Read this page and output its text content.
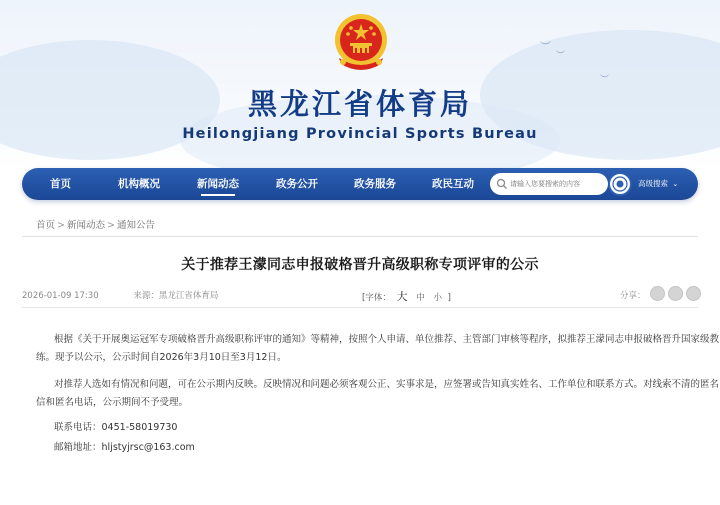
黑龙江省体育局
Heilongjiang Provincial Sports Bureau
︶
︶
︶
首页	机构概况	新闻动态	政务公开	政务服务	政民互动
请输入您要搜索的内容	高级搜索 ⌄
首页 > 新闻动态 > 通知公告
关于推荐王濛同志申报破格晋升高级职称专项评审的公示
2026-01-09 17:30	来源：黑龙江省体育局	[字体： 大 中 小 ]	分享：
根据《关于开展奥运冠军专项破格晋升高级职称评审的通知》等精神，按照个人申请、单位推荐、主管部门审核等程序，拟推荐王濛同志申报破格晋升国家级教
练。现予以公示，公示时间自2026年3月10日至3月12日。
对推荐人选如有情况和问题，可在公示期内反映。反映情况和问题必须客观公正、实事求是，应签署或告知真实姓名、工作单位和联系方式。对线索不清的匿名
信和匿名电话，公示期间不予受理。
联系电话：0451-58019730
邮箱地址：hljstyjrsc@163.com
